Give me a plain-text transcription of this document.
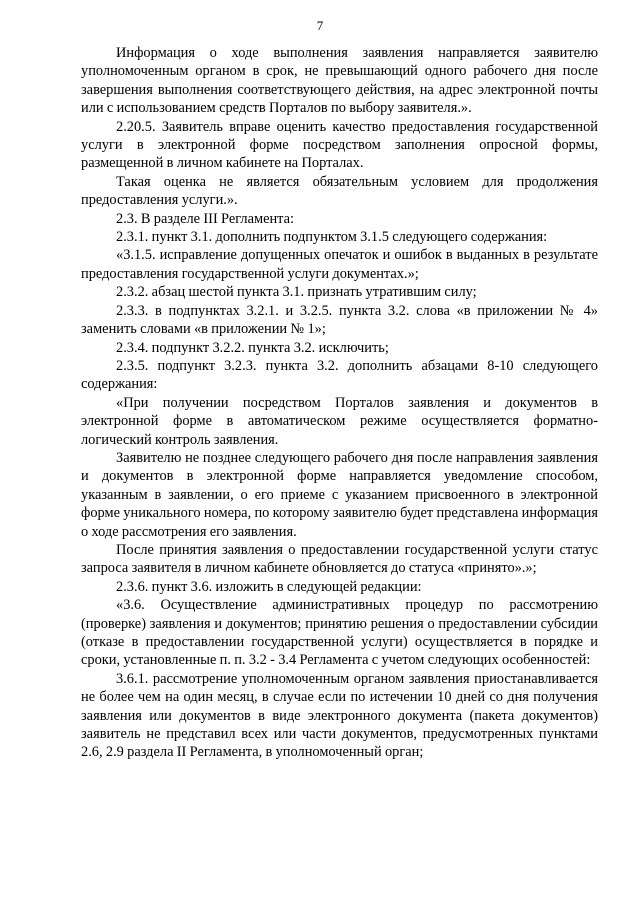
7

Информация о ходе выполнения заявления направляется заявителю уполномоченным органом в срок, не превышающий одного рабочего дня после завершения выполнения соответствующего действия, на адрес электронной почты или с использованием средств Порталов по выбору заявителя.».

2.20.5. Заявитель вправе оценить качество предоставления государственной услуги в электронной форме посредством заполнения опросной формы, размещенной в личном кабинете на Порталах.

Такая оценка не является обязательным условием для продолжения предоставления услуги.».

2.3. В разделе III Регламента:

2.3.1. пункт 3.1. дополнить подпунктом 3.1.5 следующего содержания:

«3.1.5. исправление допущенных опечаток и ошибок в выданных в результате предоставления государственной услуги документах.»;

2.3.2. абзац шестой пункта 3.1. признать утратившим силу;

2.3.3. в подпунктах 3.2.1. и 3.2.5. пункта 3.2. слова «в приложении № 4» заменить словами «в приложении № 1»;

2.3.4. подпункт 3.2.2. пункта 3.2. исключить;

2.3.5. подпункт 3.2.3. пункта 3.2. дополнить абзацами 8-10 следующего содержания:

«При получении посредством Порталов заявления и документов в электронной форме в автоматическом режиме осуществляется форматно-логический контроль заявления.

Заявителю не позднее следующего рабочего дня после направления заявления и документов в электронной форме направляется уведомление способом, указанным в заявлении, о его приеме с указанием присвоенного в электронной форме уникального номера, по которому заявителю будет представлена информация о ходе рассмотрения его заявления.

После принятия заявления о предоставлении государственной услуги статус запроса заявителя в личном кабинете обновляется до статуса «принято».»;

2.3.6. пункт 3.6. изложить в следующей редакции:

«3.6. Осуществление административных процедур по рассмотрению (проверке) заявления и документов; принятию решения о предоставлении субсидии (отказе в предоставлении государственной услуги) осуществляется в порядке и сроки, установленные п. п. 3.2 - 3.4 Регламента с учетом следующих особенностей:

3.6.1. рассмотрение уполномоченным органом заявления приостанавливается не более чем на один месяц, в случае если по истечении 10 дней со дня получения заявления или документов в виде электронного документа (пакета документов) заявитель не представил всех или части документов, предусмотренных пунктами 2.6, 2.9 раздела II Регламента, в уполномоченный орган;
